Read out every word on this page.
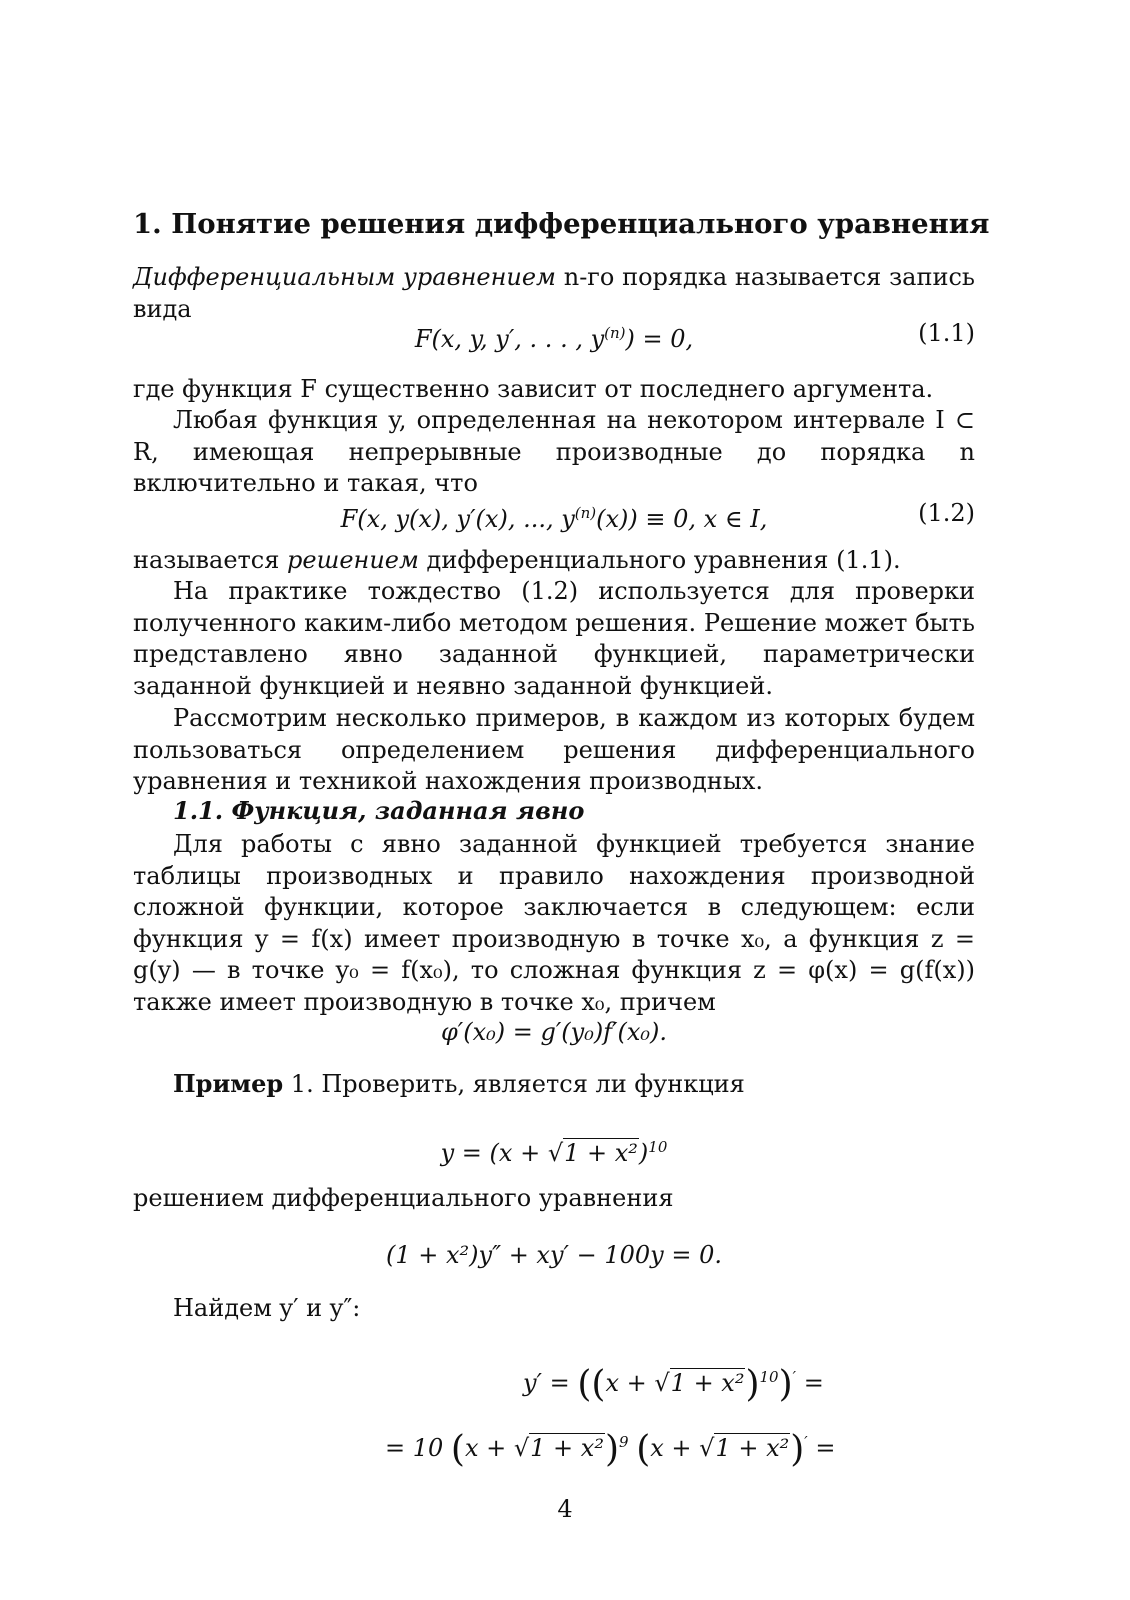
1. Понятие решения дифференциального уравнения
Дифференциальным уравнением n-го порядка называется запись вида
F(x, y, y′, . . . , $y^{(n)}) = 0$,	(1.1)
где функция F существенно зависит от последнего аргумента.
Любая функция y, определенная на некотором интервале I ⊂ R, имеющая непрерывные производные до порядка n включительно и такая, что
F(x, y(x), y′(x), ..., $y^{(n)}(x)) \equiv 0$, x ∈ I,	(1.2)
называется решением дифференциального уравнения (1.1).
На практике тождество (1.2) используется для проверки полученного каким-либо методом решения. Решение может быть представлено явно заданной функцией, параметрически заданной функцией и неявно заданной функцией.
Рассмотрим несколько примеров, в каждом из которых будем пользоваться определением решения дифференциального уравнения и техникой нахождения производных.
1.1. Функция, заданная явно
Для работы с явно заданной функцией требуется знание таблицы производных и правило нахождения производной сложной функции, которое заключается в следующем: если функция y = f(x) имеет производную в точке x₀, а функция z = g(y) — в точке y₀ = f(x₀), то сложная функция z = φ(x) = g(f(x)) также имеет производную в точке x₀, причем
φ′(x₀) = g′(y₀)f′(x₀).
Пример 1. Проверить, является ли функция
$y = (x + √1 + x^2)^{10}$
решением дифференциального уравнения
(1 + x²)y″ + xy′ − 100y = 0.
Найдем y′ и y″:
$y' = ((x + √1 + x^2)^{10})'$ =
= 10 $(x + √1 + x^2)^9$ (x + √1 + x²)′ =
4
